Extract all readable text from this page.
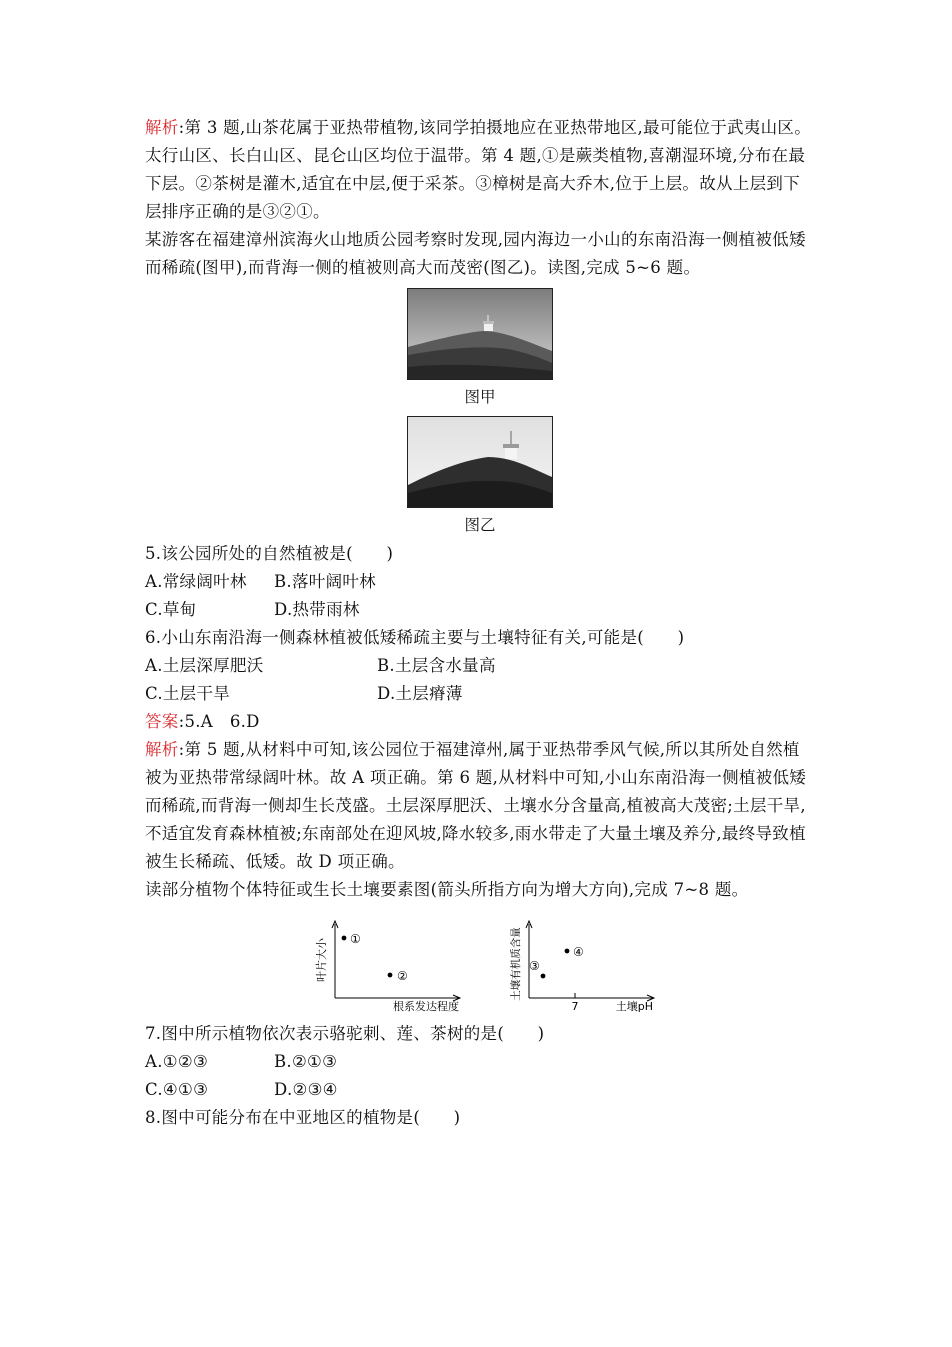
解析:第 3 题,山茶花属于亚热带植物,该同学拍摄地应在亚热带地区,最可能位于武夷山区。太行山区、长白山区、昆仑山区均位于温带。第 4 题,①是蕨类植物,喜潮湿环境,分布在最下层。②茶树是灌木,适宜在中层,便于采茶。③樟树是高大乔木,位于上层。故从上层到下层排序正确的是③②①。

某游客在福建漳州滨海火山地质公园考察时发现,园内海边一小山的东南沿海一侧植被低矮而稀疏(图甲),而背海一侧的植被则高大而茂密(图乙)。读图,完成 5~6 题。

图甲
图乙

5.该公园所处的自然植被是(　　)

A.常绿阔叶林	B.落叶阔叶林

C.草甸	D.热带雨林

6.小山东南沿海一侧森林植被低矮稀疏主要与土壤特征有关,可能是(　　)

A.土层深厚肥沃	B.土层含水量高

C.土层干旱	D.土层瘠薄

答案:5.A　6.D

解析:第 5 题,从材料中可知,该公园位于福建漳州,属于亚热带季风气候,所以其所处自然植被为亚热带常绿阔叶林。故 A 项正确。第 6 题,从材料中可知,小山东南沿海一侧植被低矮而稀疏,而背海一侧却生长茂盛。土层深厚肥沃、土壤水分含量高,植被高大茂密;土层干旱,不适宜发育森林植被;东南部处在迎风坡,降水较多,雨水带走了大量土壤及养分,最终导致植被生长稀疏、低矮。故 D 项正确。

读部分植物个体特征或生长土壤要素图(箭头所指方向为增大方向),完成 7~8 题。

叶片大小
根系发达程度
①
②
7
土壤有机质含量
土壤pH
③
④

7.图中所示植物依次表示骆驼刺、莲、茶树的是(　　)

A.①②③	B.②①③

C.④①③	D.②③④

8.图中可能分布在中亚地区的植物是(　　)
